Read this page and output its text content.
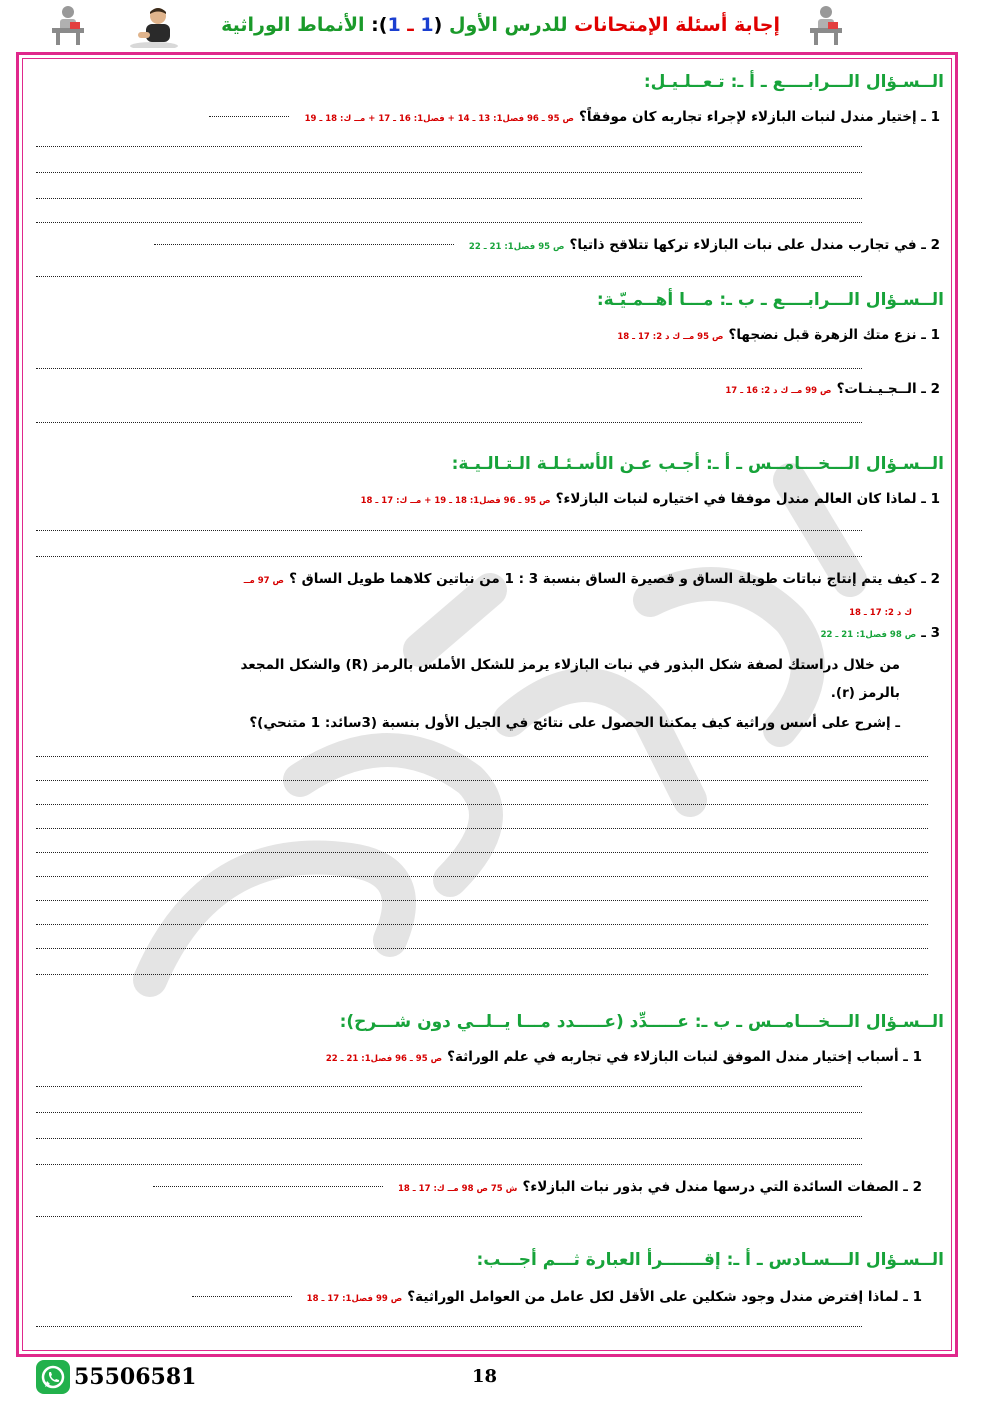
إجابة أسئلة الإمتحانات للدرس الأول (1 ـ 1): الأنماط الوراثية
الــسـؤال الـــرابــــع ـ أ ـ: تـعــلـيـل:
1 ـ إختيار مندل لنبات البازلاء لإجراء تجاربه كان موفقاً؟ ص 95 ـ 96 فصل1: 13 ـ 14 + فصل1: 16 ـ 17 + مــ ك: 18 ـ 19
2 ـ في تجارب مندل على نبات البازلاء تركها تتلاقح ذاتيا؟ ص 95 فصل1: 21 ـ 22
الــسـؤال الـــرابــــع ـ ب ـ: مـــا أهــمـيّـة:
1 ـ نزع متك الزهرة قبل نضجها؟ ص 95 مــ ك د 2: 17 ـ 18
2 ـ الــجـيـنـات؟ ص 99 مــ ك د 2: 16 ـ 17
الــسـؤال الـــخـــامــس ـ أ ـ: أجـب عـن الأسـئـلـة الـتـالـيـة:
1 ـ لماذا كان العالم مندل موفقا في اختياره لنبات البازلاء؟ ص 95 ـ 96 فصل1: 18 ـ 19 + مــ ك: 17 ـ 18
2 ـ كيف يتم إنتاج نباتات طويلة الساق و قصيرة الساق بنسبة 3 : 1 من نباتين كلاهما طويل الساق ؟ ص 97 مــ
ك د 2: 17 ـ 18
3 ـ ص 98 فصل1: 21 ـ 22
من خلال دراستك لصفة شكل البذور في نبات البازلاء يرمز للشكل الأملس بالرمز (R) والشكل المجعد
بالرمز (r).
ـ إشرح على أسس وراثية كيف يمكننا الحصول على نتائج في الجيل الأول بنسبة (3سائد: 1 متنحي)؟
الــسـؤال الـــخـــامــس ـ ب ـ: عـــــدِّد (عـــــدد مـــا يــلــي دون شـــرح):
1 ـ أسباب إختيار مندل الموفق لنبات البازلاء في تجاربه في علم الوراثة؟ ص 95 ـ 96 فصل1: 21 ـ 22
2 ـ الصفات السائدة التي درسها مندل في بذور نبات البازلاء؟ ش 75 ص 98 مــ ك: 17 ـ 18
الــسـؤال الـــسـادس ـ أ ـ: إقـــــــرأ العبارة ثـــم أجـــب:
1 ـ لماذا إفترض مندل وجود شكلين على الأقل لكل عامل من العوامل الوراثية؟ ص 99 فصل1: 17 ـ 18
55506581	18
